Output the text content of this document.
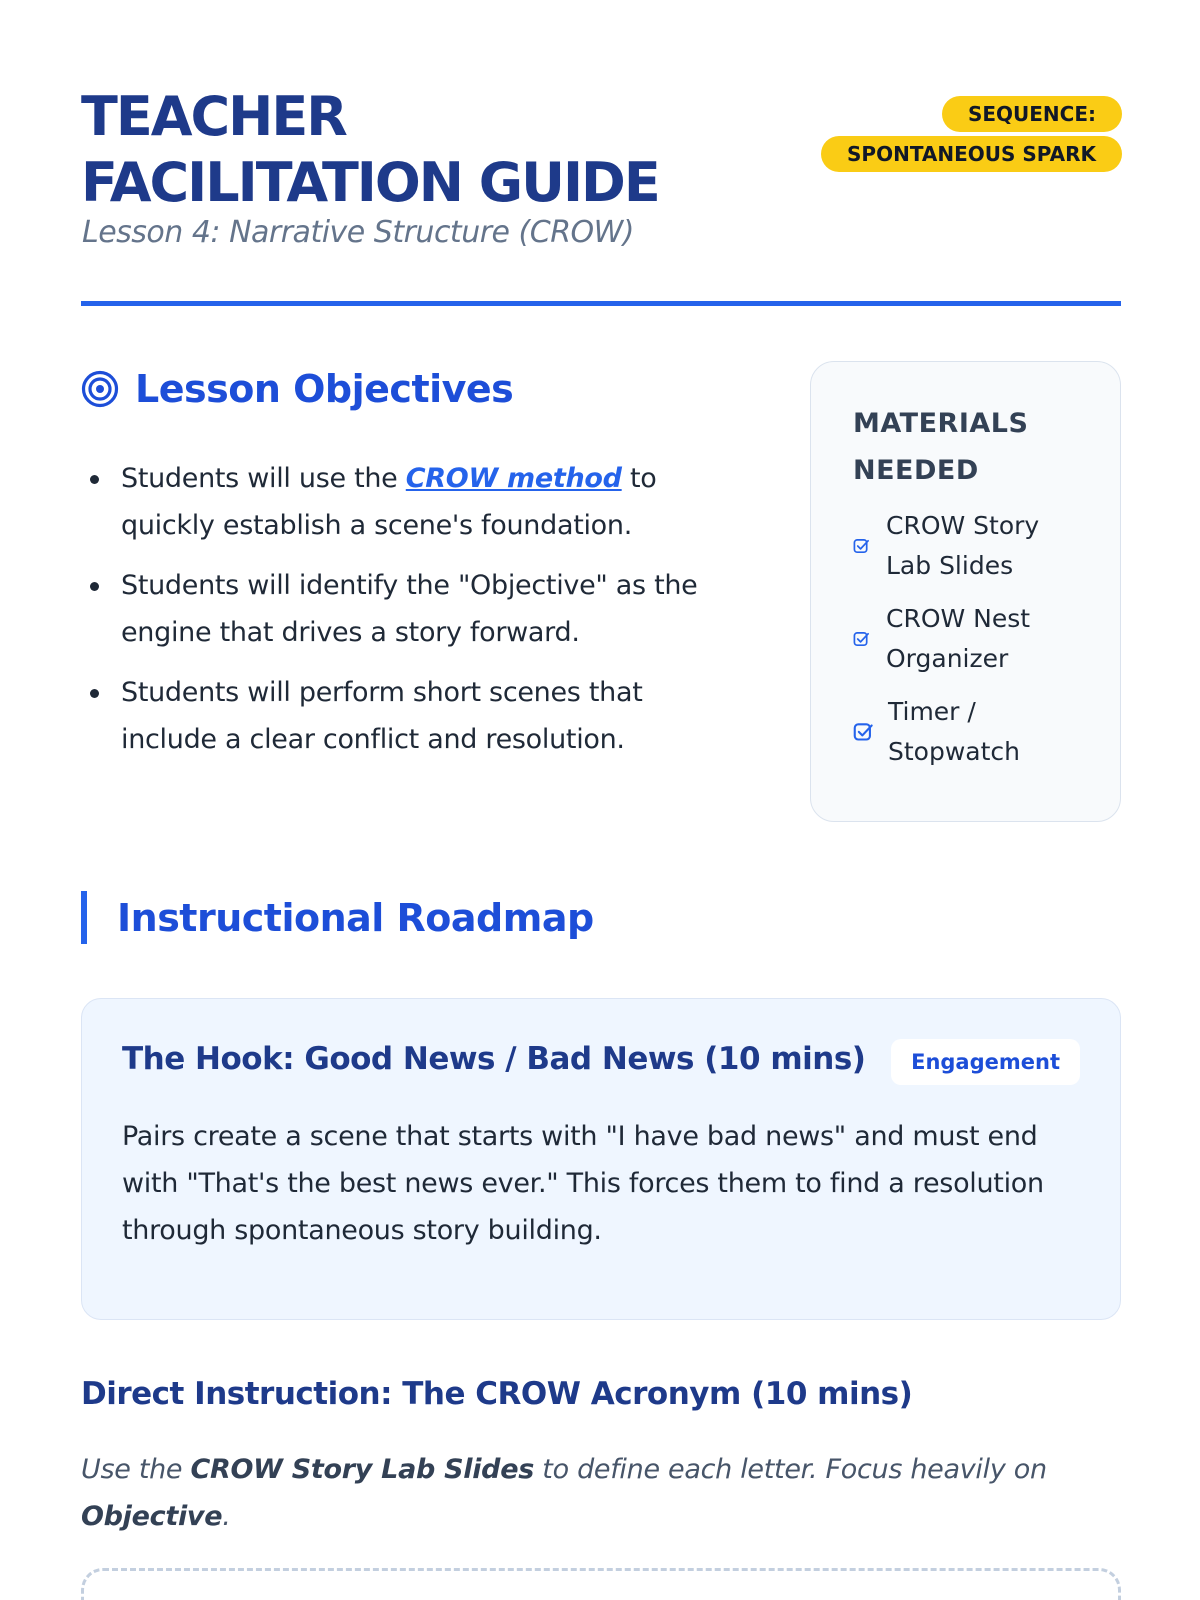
TEACHER
FACILITATION GUIDE
Lesson 4: Narrative Structure (CROW)
SEQUENCE:
SPONTANEOUS SPARK
Lesson Objectives
Students will use the CROW method to quickly establish a scene's foundation.
Students will identify the "Objective" as the engine that drives a story forward.
Students will perform short scenes that include a clear conflict and resolution.
MATERIALS NEEDED
CROW Story Lab Slides
CROW Nest Organizer
Timer / Stopwatch
Instructional Roadmap
The Hook: Good News / Bad News (10 mins)	Engagement

Pairs create a scene that starts with "I have bad news" and must end with "That's the best news ever." This forces them to find a resolution through spontaneous story building.

Direct Instruction: The CROW Acronym (10 mins)

Use the CROW Story Lab Slides to define each letter. Focus heavily on Objective.
